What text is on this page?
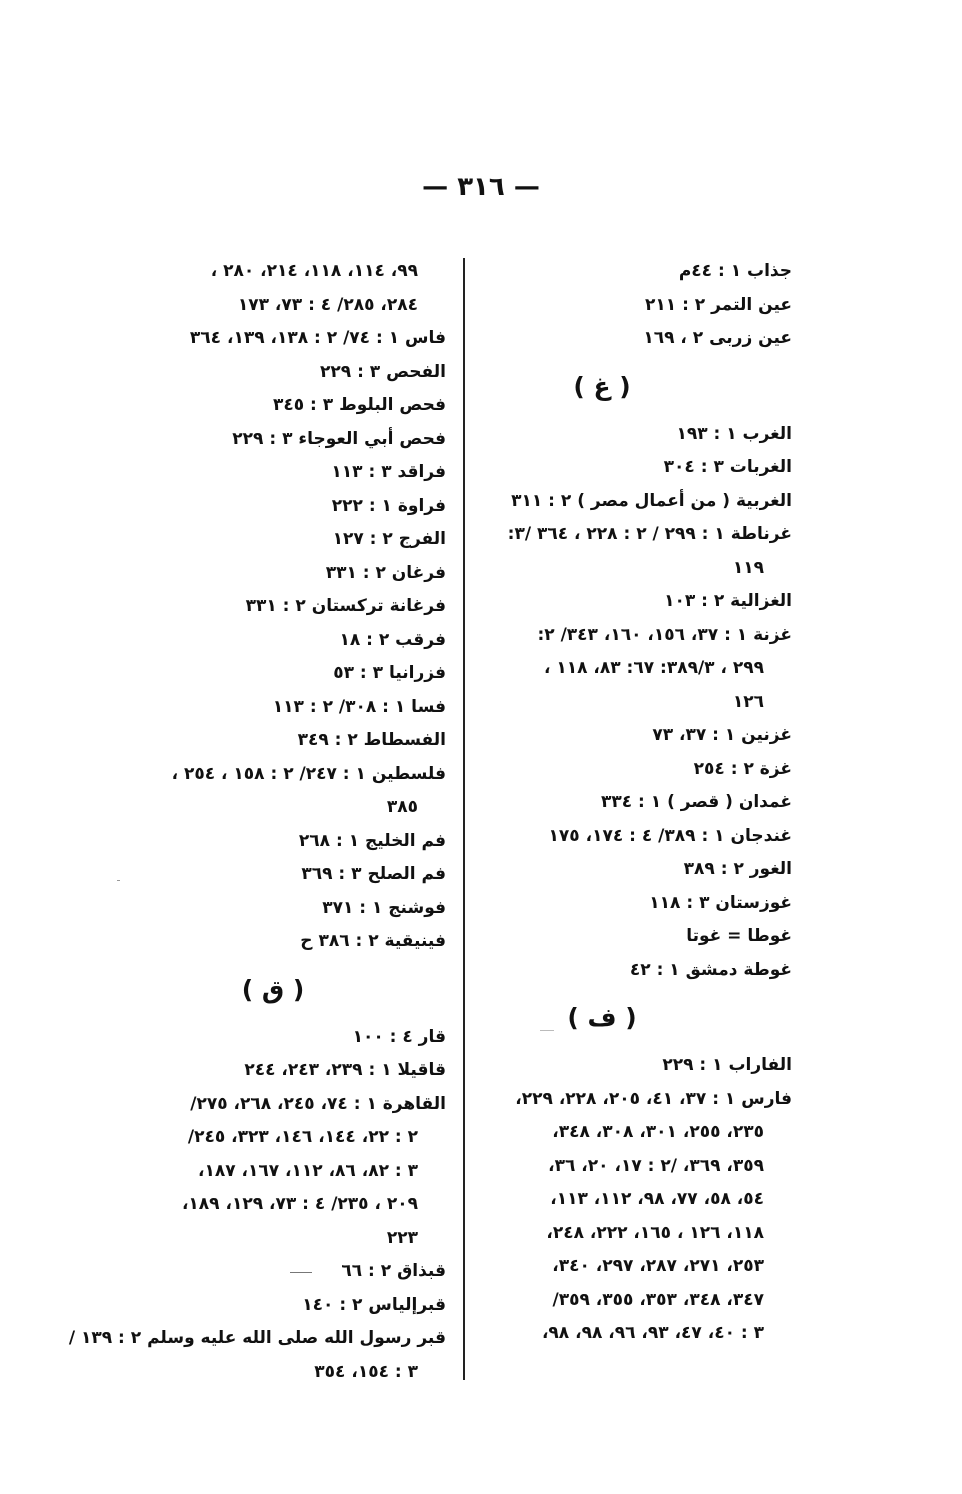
— ٣١٦ —
جذاب ١ : ٤٤م
عين التمر ٢ : ٢١١
عين زربى ٢ ، ١٦٩
( غ )
الغرب ١ : ١٩٣
الغربات ٣ : ٣٠٤
الغربية ( من أعمال مصر ) ٢ : ٣١١
غرناطة ١ : ٢٩٩ / ٢ : ٢٢٨ ، ٣٦٤ /٣:
١١٩
الغزالية ٢ : ١٠٣
غزنة ١ : ٣٧، ١٥٦، ١٦٠، ٣٤٣/ ٢:
٢٩٩ ، ٣٨٩/٣: ٦٧: ٨٣، ١١٨ ،
١٢٦
غزنين ١ : ٣٧، ٧٣
غزة ٢ : ٢٥٤
غمدان ( قصر ) ١ : ٣٣٤
غندجان ١ : ٣٨٩/ ٤ : ١٧٤، ١٧٥
الغور ٢ : ٣٨٩
غوزستان ٣ : ١١٨
غوطا = غوتا
غوطة دمشق ١ : ٤٢
( ف )
الفاراب ١ : ٢٢٩
فارس ١ : ٣٧، ٤١، ٢٠٥، ٢٢٨، ٢٢٩،
٢٣٥، ٢٥٥، ٣٠١، ٣٠٨، ٣٤٨،
٣٥٩، ٣٦٩، /٢ : ١٧، ٢٠، ٣٦،
٥٤، ٥٨، ٧٧، ٩٨، ١١٢، ١١٣،
١١٨، ١٢٦ ، ١٦٥، ٢٢٢، ٢٤٨،
٢٥٣، ٢٧١، ٢٨٧، ٢٩٧، ٣٤٠،
٣٤٧، ٣٤٨، ٣٥٣، ٣٥٥، ٣٥٩/
٣ : ٤٠، ٤٧، ٩٣، ٩٦، ٩٨، ٩٨،
٩٩، ١١٤، ١١٨، ٢١٤، ٢٨٠ ،
٢٨٤، ٢٨٥/ ٤ : ٧٣، ١٧٣
فاس ١ : ٧٤/ ٢ : ١٣٨، ١٣٩، ٣٦٤
الفحص ٣ : ٢٢٩
فحص البلوط ٣ : ٣٤٥
فحص أبي العوجاء ٣ : ٢٢٩
فراقد ٣ : ١١٣
فراوة ١ : ٢٢٢
الفرج ٢ : ١٢٧
فرغان ٢ : ٣٣١
فرغانة تركستان ٢ : ٣٣١
فرقب ٢ : ١٨
فزرانيا ٣ : ٥٣
فسا ١ : ٣٠٨/ ٢ : ١١٣
الفسطاط ٢ : ٣٤٩
فلسطين ١ : ٢٤٧/ ٢ : ١٥٨ ، ٢٥٤ ،
٣٨٥
فم الخليج ١ : ٢٦٨
فم الصلح ٣ : ٣٦٩
فوشنج ١ : ٣٧١
فينيقية ٢ : ٣٨٦ ح
( ق )
قار ٤ : ١٠٠
قاقيلا ١ : ٢٣٩، ٢٤٣، ٢٤٤
القاهرة ١ : ٧٤، ٢٤٥، ٢٦٨، ٢٧٥/
٢ : ٢٢، ١٤٤، ١٤٦، ٣٢٣، ٢٤٥/
٣ : ٨٢، ٨٦، ١١٢، ١٦٧، ١٨٧،
٢٠٩ ، ٢٣٥/ ٤ : ٧٣، ١٢٩، ١٨٩،
٢٢٣
قبذاق ٢ : ٦٦
قبرإلياس ٢ : ١٤٠
قبر رسول الله صلى الله عليه وسلم ٢ : ١٣٩ /
٣ : ١٥٤، ٣٥٤
